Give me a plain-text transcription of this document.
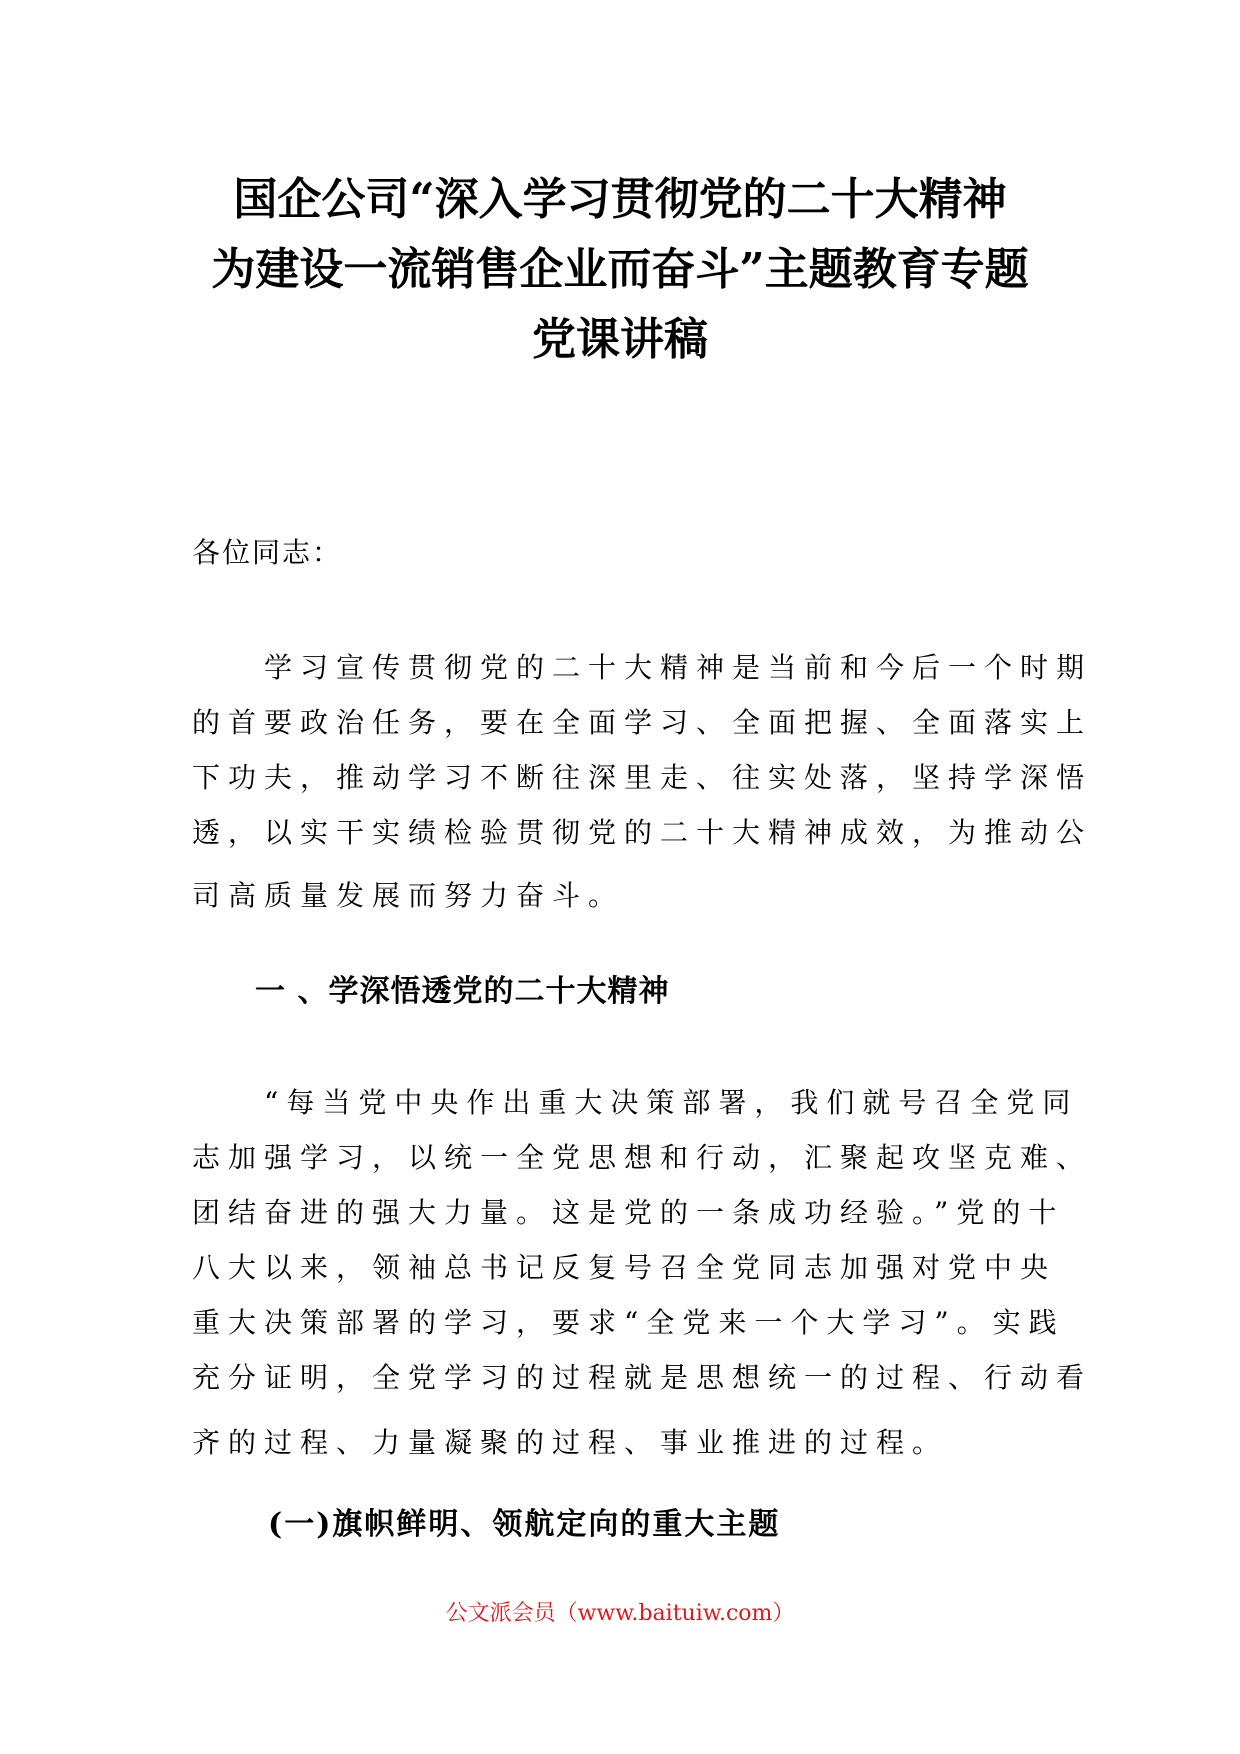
国企公司“深入学习贯彻党的二十大精神
为建设一流销售企业而奋斗”主题教育专题
党课讲稿

各位同志：

　　学习宣传贯彻党的二十大精神是当前和今后一个时期
的首要政治任务，要在全面学习、全面把握、全面落实上
下功夫，推动学习不断往深里走、往实处落，坚持学深悟
透，以实干实绩检验贯彻党的二十大精神成效，为推动公
司高质量发展而努力奋斗。
一 、学深悟透党的二十大精神
　　“每当党中央作出重大决策部署，我们就号召全党同
志加强学习，以统一全党思想和行动，汇聚起攻坚克难、
团结奋进的强大力量。这是党的一条成功经验。”党的十
八大以来，领袖总书记反复号召全党同志加强对党中央
重大决策部署的学习，要求“全党来一个大学习”。实践
充分证明，全党学习的过程就是思想统一的过程、行动看
齐的过程、力量凝聚的过程、事业推进的过程。
(一)旗帜鲜明、领航定向的重大主题

公文派会员（www.baituiw.com）
